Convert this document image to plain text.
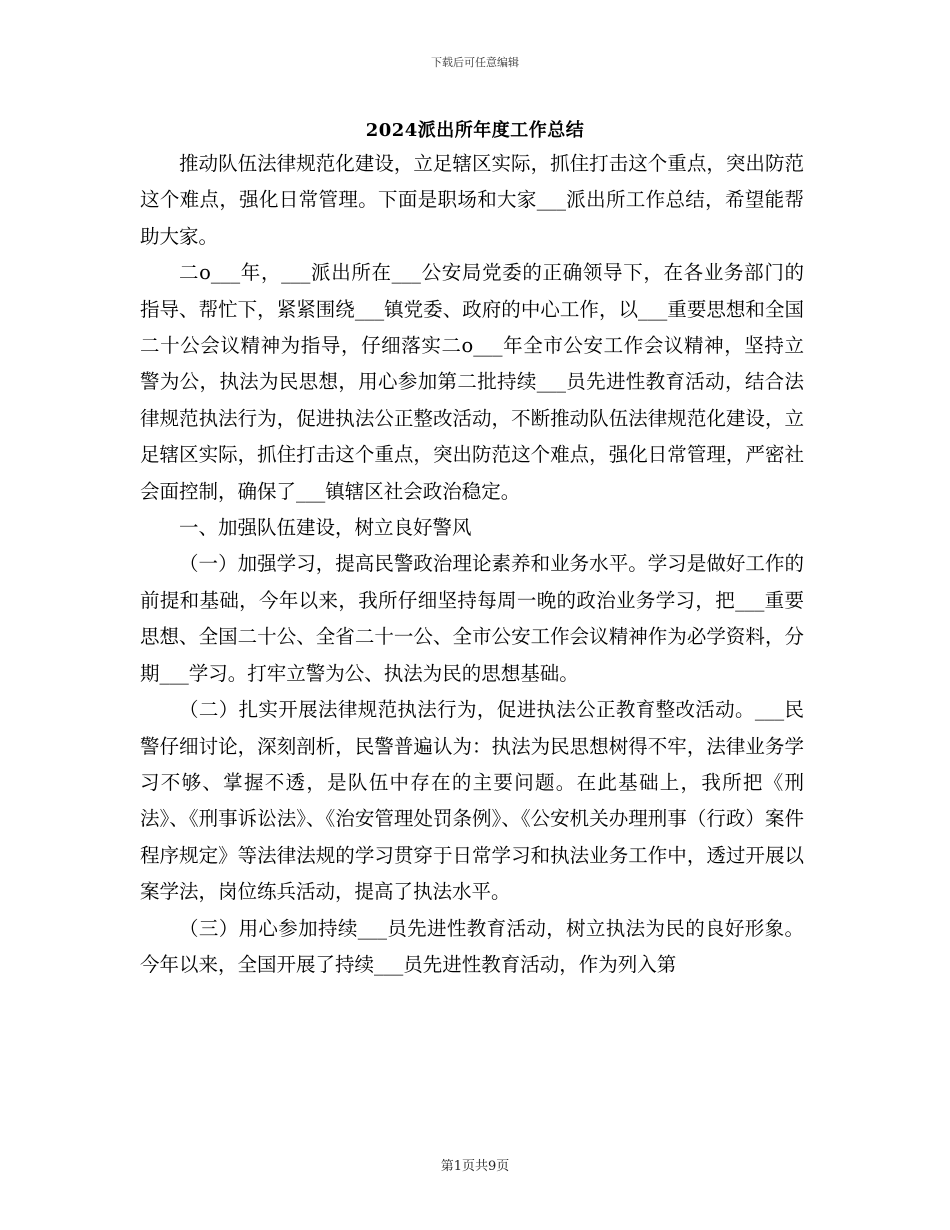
下载后可任意编辑
2024派出所年度工作总结

推动队伍法律规范化建设，立足辖区实际，抓住打击这个重点，突出防范这个难点，强化日常管理。下面是职场和大家___派出所工作总结，希望能帮助大家。

二o___年，___派出所在___公安局党委的正确领导下，在各业务部门的指导、帮忙下，紧紧围绕___镇党委、政府的中心工作，以___重要思想和全国二十公会议精神为指导，仔细落实二o___年全市公安工作会议精神，坚持立警为公，执法为民思想，用心参加第二批持续___员先进性教育活动，结合法律规范执法行为，促进执法公正整改活动，不断推动队伍法律规范化建设，立足辖区实际，抓住打击这个重点，突出防范这个难点，强化日常管理，严密社会面控制，确保了___镇辖区社会政治稳定。

一、加强队伍建设，树立良好警风

（一）加强学习，提高民警政治理论素养和业务水平。学习是做好工作的前提和基础，今年以来，我所仔细坚持每周一晚的政治业务学习，把___重要思想、全国二十公、全省二十一公、全市公安工作会议精神作为必学资料，分期___学习。打牢立警为公、执法为民的思想基础。

（二）扎实开展法律规范执法行为，促进执法公正教育整改活动。___民警仔细讨论，深刻剖析，民警普遍认为：执法为民思想树得不牢，法律业务学习不够、掌握不透，是队伍中存在的主要问题。在此基础上，我所把《刑法》、《刑事诉讼法》、《治安管理处罚条例》、《公安机关办理刑事（行政）案件程序规定》等法律法规的学习贯穿于日常学习和执法业务工作中，透过开展以案学法，岗位练兵活动，提高了执法水平。

（三）用心参加持续___员先进性教育活动，树立执法为民的良好形象。今年以来，全国开展了持续___员先进性教育活动，作为列入第

第1页共9页
